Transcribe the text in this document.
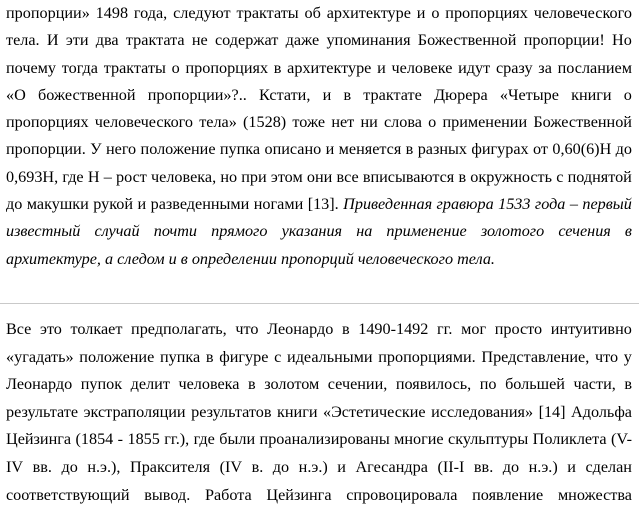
пропорции» 1498 года, следуют трактаты об архитектуре и о пропорциях человеческого
тела. И эти два трактата не содержат даже упоминания Божественной пропорции! Но
почему тогда трактаты о пропорциях в архитектуре и человеке идут сразу за посланием
«О божественной пропорции»?.. Кстати, и в трактате Дюрера «Четыре книги о
пропорциях человеческого тела» (1528) тоже нет ни слова о применении Божественной
пропорции. У него положение пупка описано и меняется в разных фигурах от 0,60(6)Н до
0,693Н, где Н – рост человека, но при этом они все вписываются в окружность с поднятой
до макушки рукой и разведенными ногами [13]. Приведенная гравюра 1533 года – первый
известный случай почти прямого указания на применение золотого сечения в
архитектуре, а следом и в определении пропорций человеческого тела.
Все это толкает предполагать, что Леонардо в 1490-1492 гг. мог просто интуитивно
«угадать» положение пупка в фигуре с идеальными пропорциями. Представление, что у
Леонардо пупок делит человека в золотом сечении, появилось, по большей части, в
результате экстраполяции результатов книги «Эстетические исследования» [14] Адольфа
Цейзинга (1854 - 1855 гг.), где были проанализированы многие скульптуры Поликлета (V-
IV вв. до н.э.), Праксителя (IV в. до н.э.) и Агесандра (II-I вв. до н.э.) и сделан
соответствующий вывод. Работа Цейзинга спровоцировала появление множества
